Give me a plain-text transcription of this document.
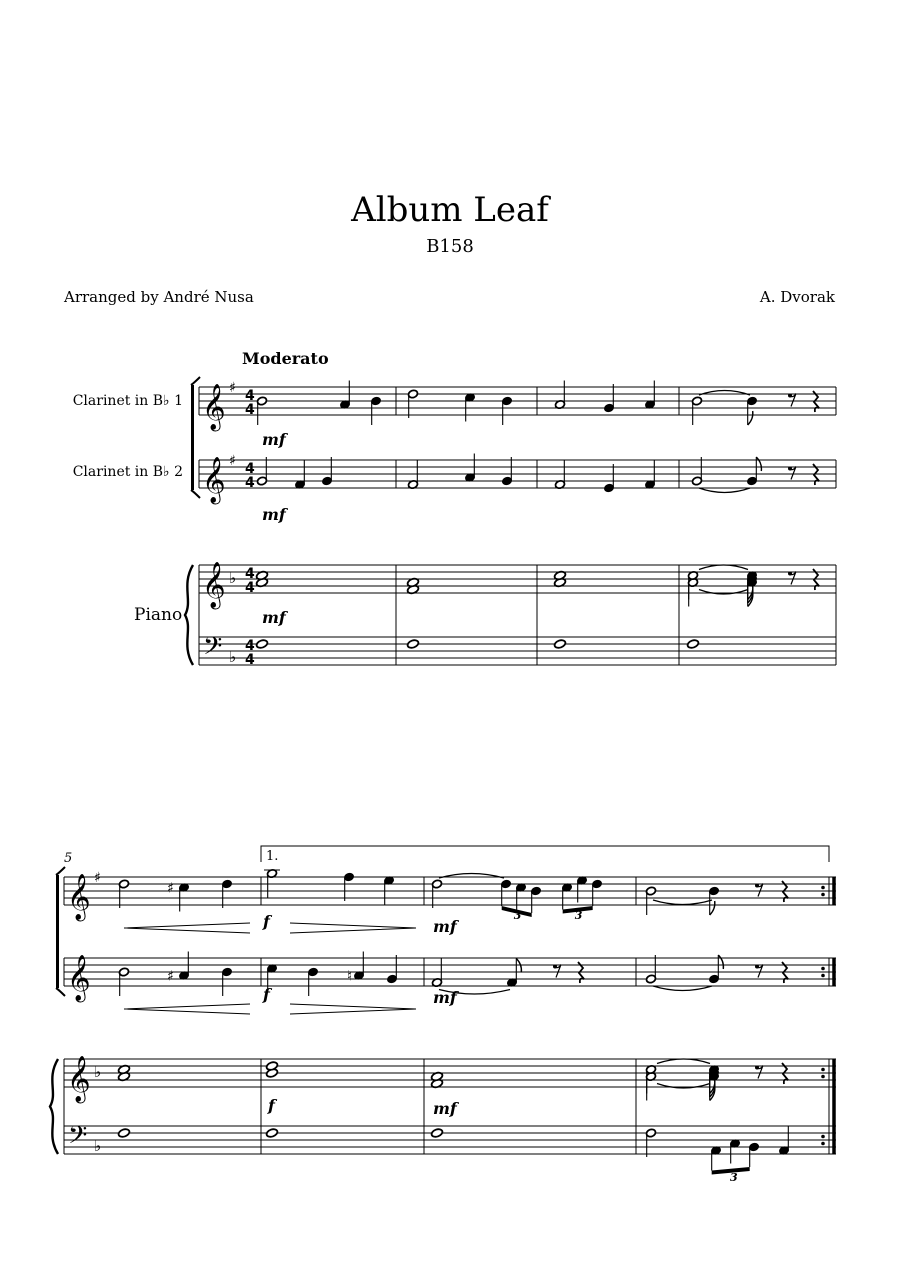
Album Leaf
B158
Arranged by André Nusa	A. Dvorak
Moderato
Clarinet in B♭ 1
Clarinet in B♭ 2
Piano
𝄞 ♯ 4
4
𝄞 ♯ 4
4
𝄞 ♭ 4
4
𝄢 ♭
4
4
mf
mf
mf
5
𝄞 ♯
𝄞
𝄞 ♭
𝄢 ♭
1.
♯
3	3
f	mf
♯	♮
f	mf
f	mf
3
